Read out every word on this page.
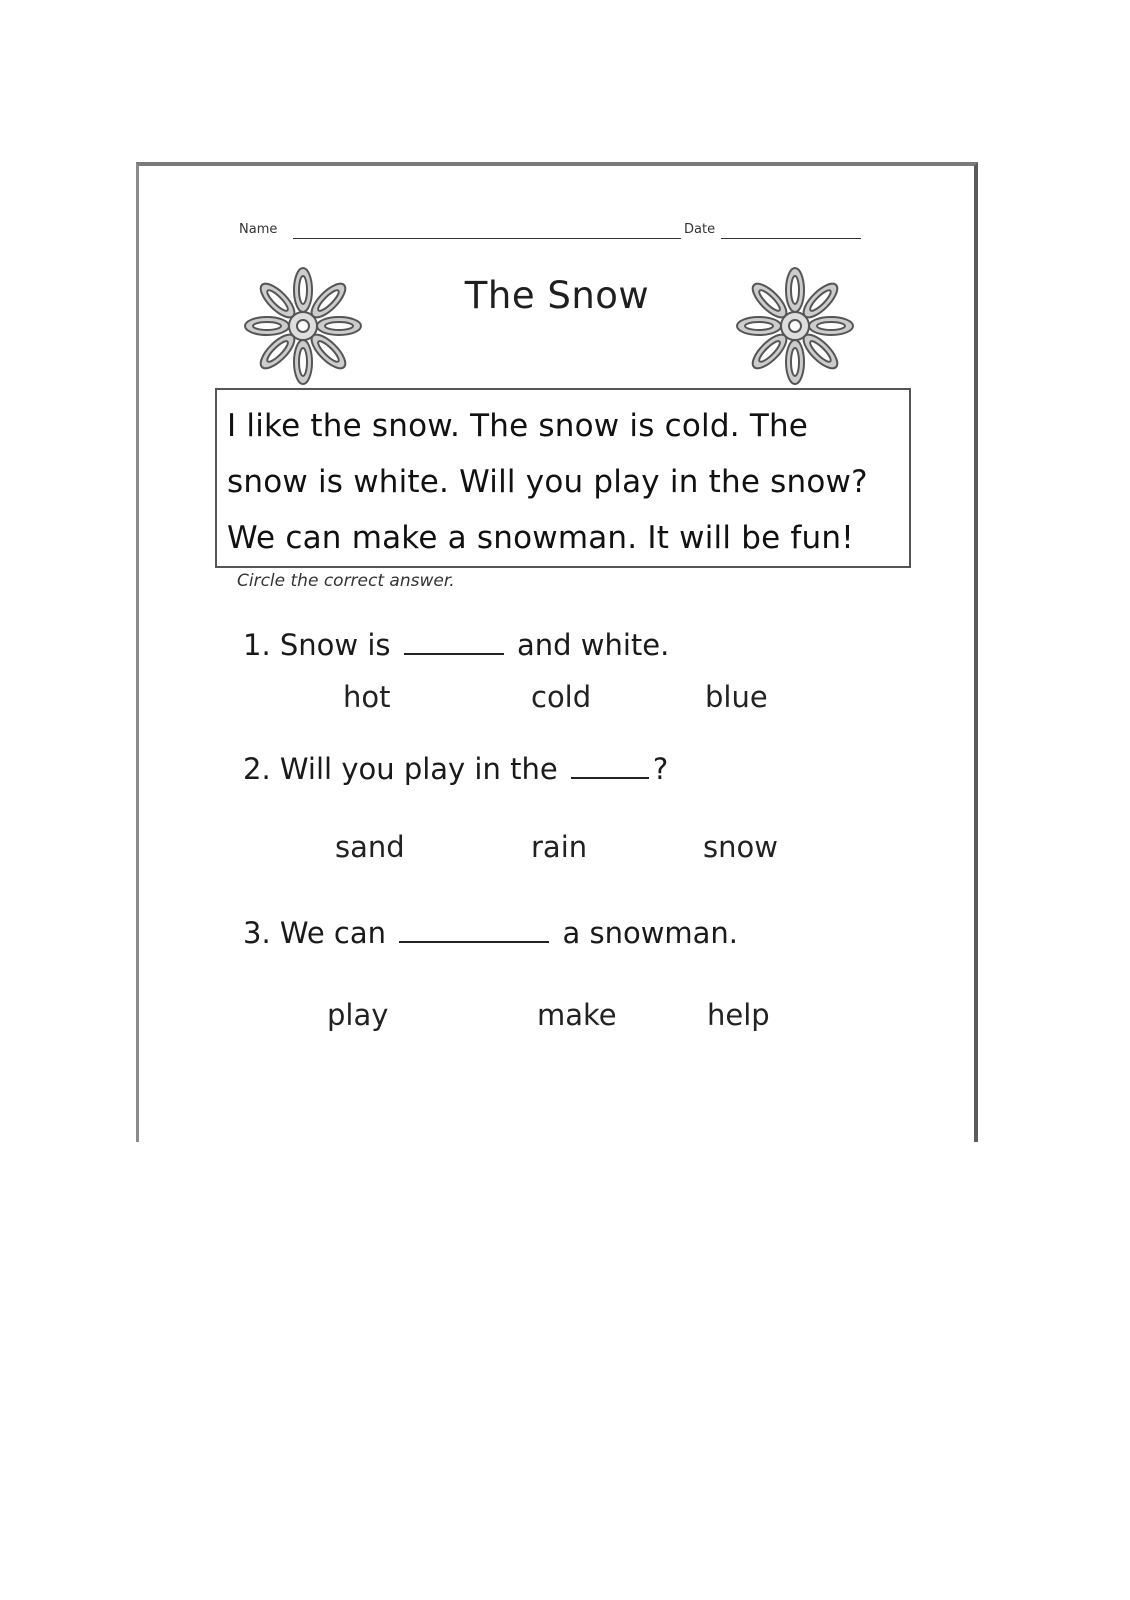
Name	Date
The Snow
I like the snow. The snow is cold. The
snow is white. Will you play in the snow?
We can make a snowman. It will be fun!
Circle the correct answer.
1. Snow is	and white.
hot	cold	blue
2. Will you play in the	?
sand	rain	snow
3. We can	a snowman.
play	make	help
